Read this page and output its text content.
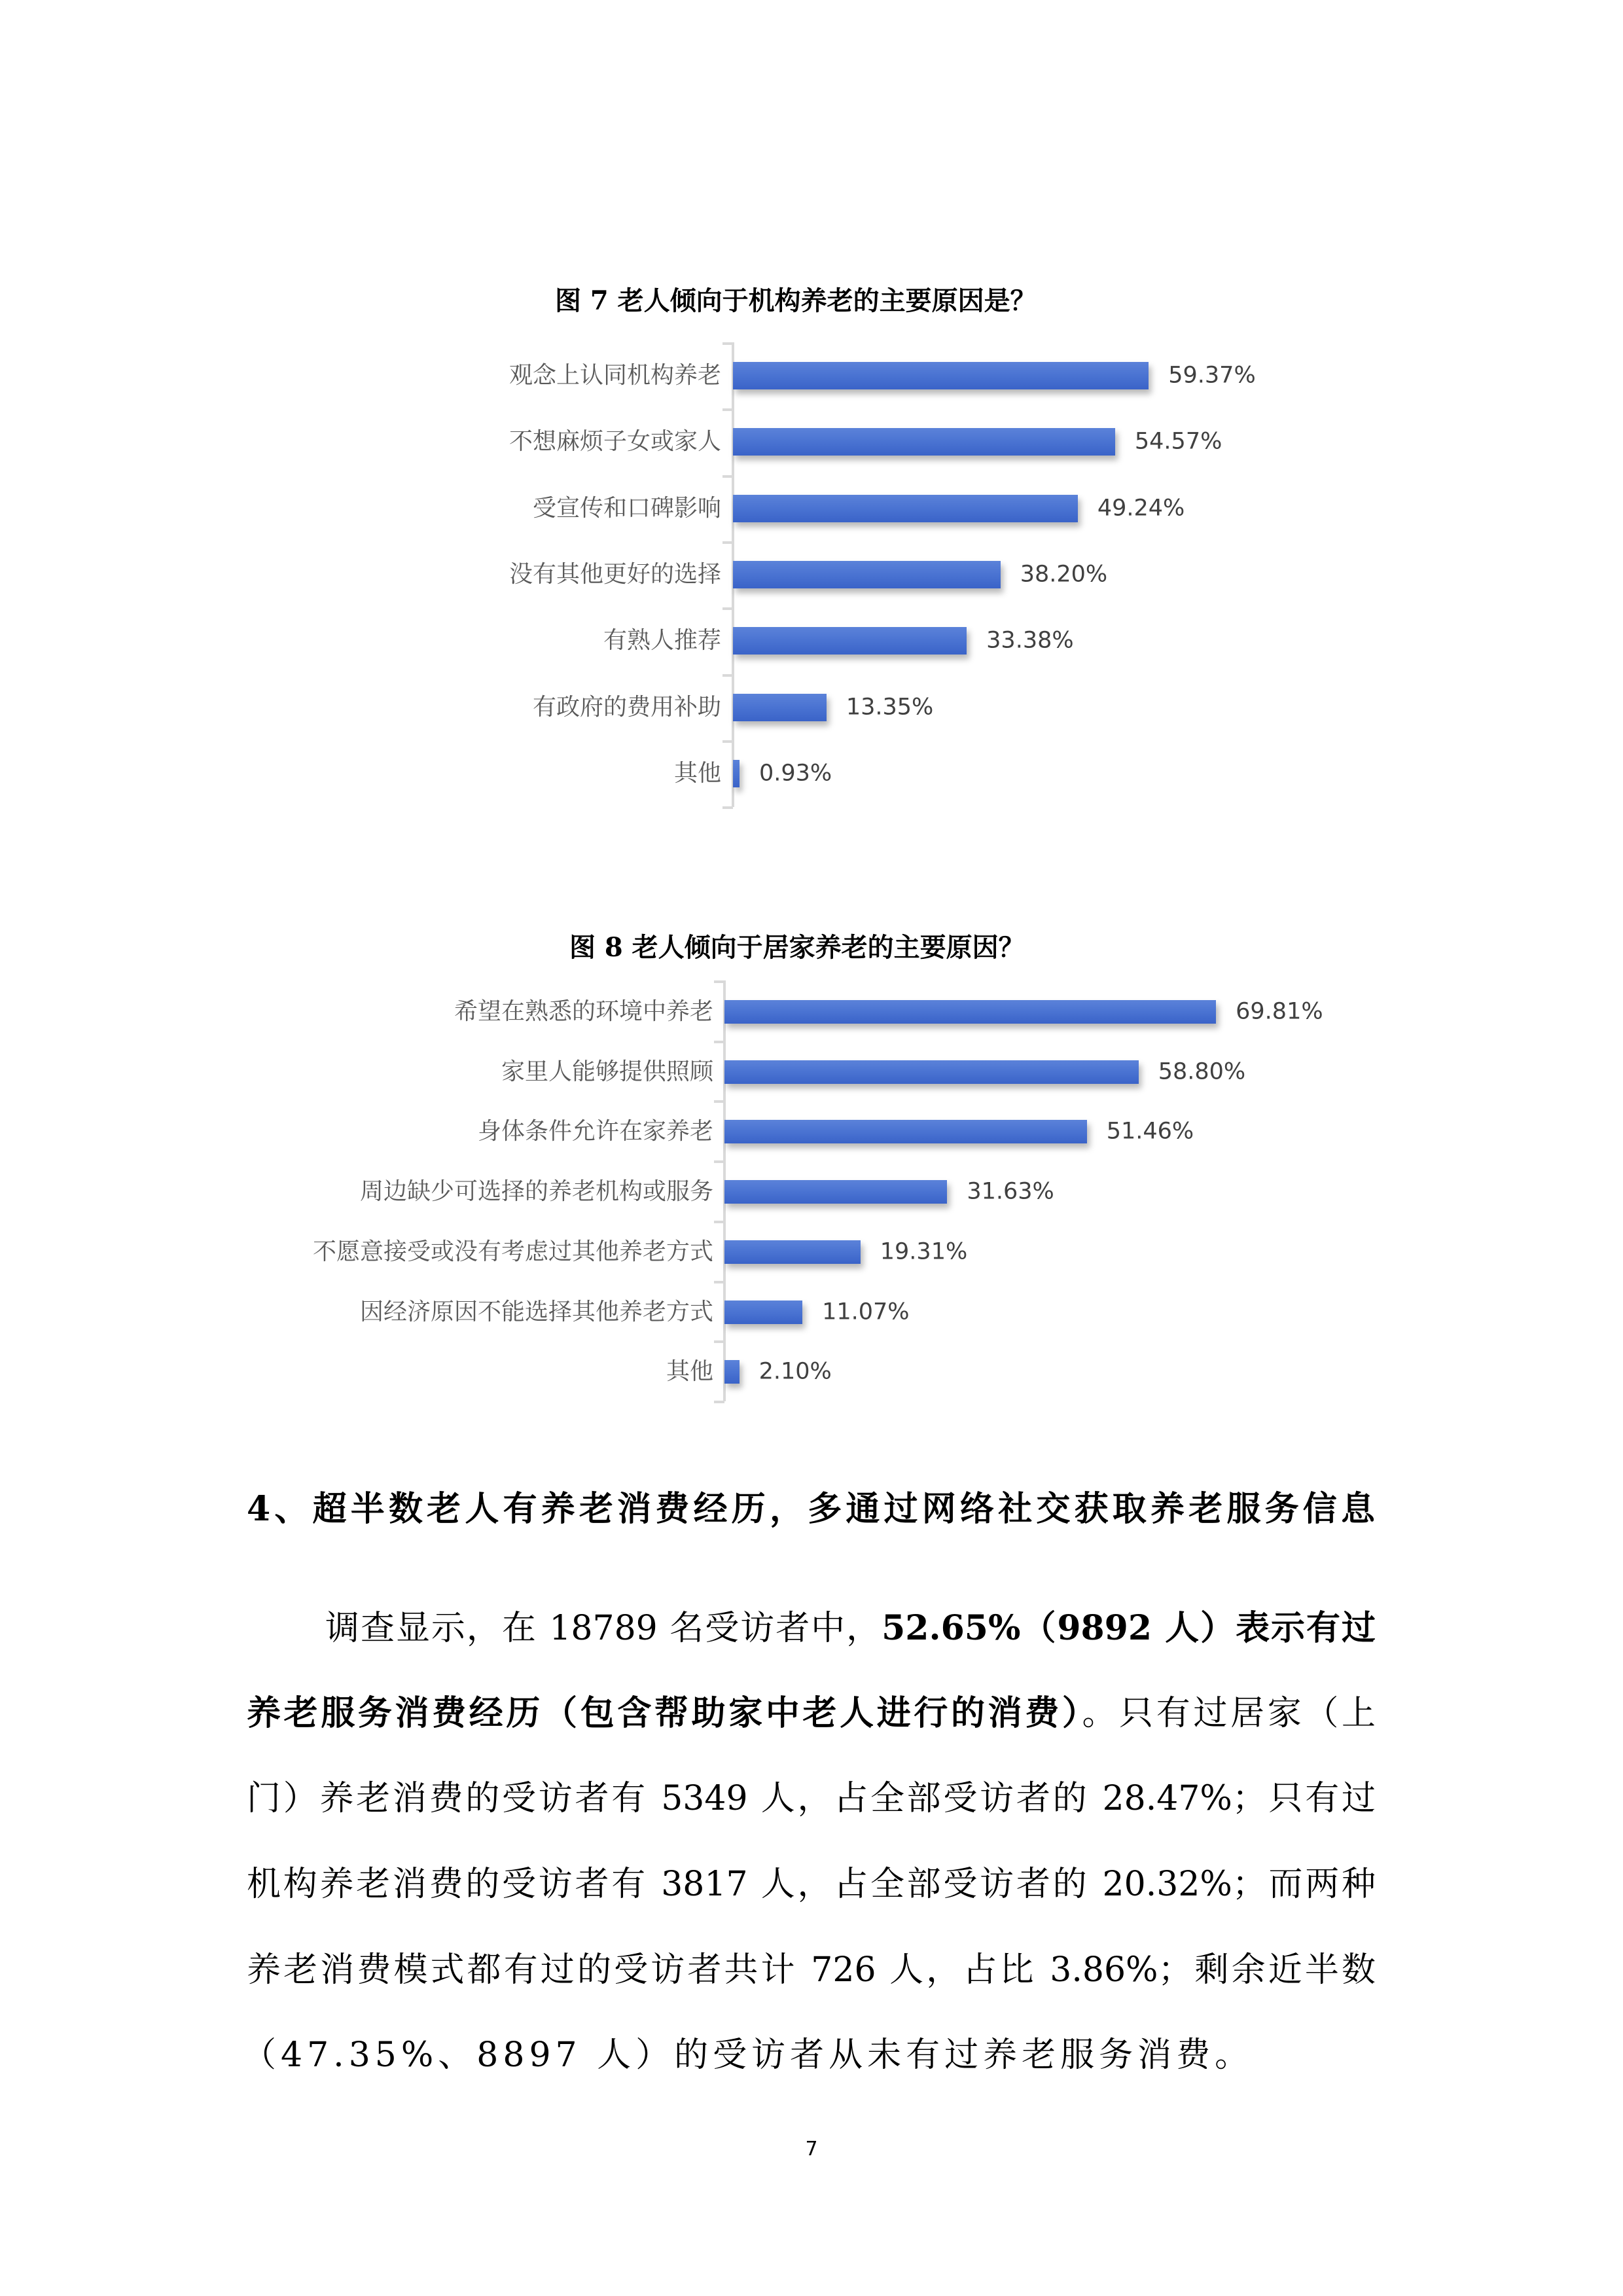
图 7 老人倾向于机构养老的主要原因是？
观念上认同机构养老	59.37%
不想麻烦子女或家人	54.57%
受宣传和口碑影响	49.24%
没有其他更好的选择	38.20%
有熟人推荐	33.38%
有政府的费用补助	13.35%
其他 0.93%
图 8 老人倾向于居家养老的主要原因？
希望在熟悉的环境中养老	69.81%
家里人能够提供照顾	58.80%
身体条件允许在家养老	51.46%
周边缺少可选择的养老机构或服务	31.63%
不愿意接受或没有考虑过其他养老方式	19.31%
因经济原因不能选择其他养老方式	11.07%
其他 2.10%
4、超半数老人有养老消费经历，多通过网络社交获取养老服务信息
调查显示，在 18789 名受访者中，52.65%（9892 人）表示有过
养老服务消费经历（包含帮助家中老人进行的消费）。只有过居家（上
门）养老消费的受访者有 5349 人，占全部受访者的 28.47%；只有过
机构养老消费的受访者有 3817 人，占全部受访者的 20.32%；而两种
养老消费模式都有过的受访者共计 726 人，占比 3.86%；剩余近半数
（47.35%、8897 人）的受访者从未有过养老服务消费。
7
